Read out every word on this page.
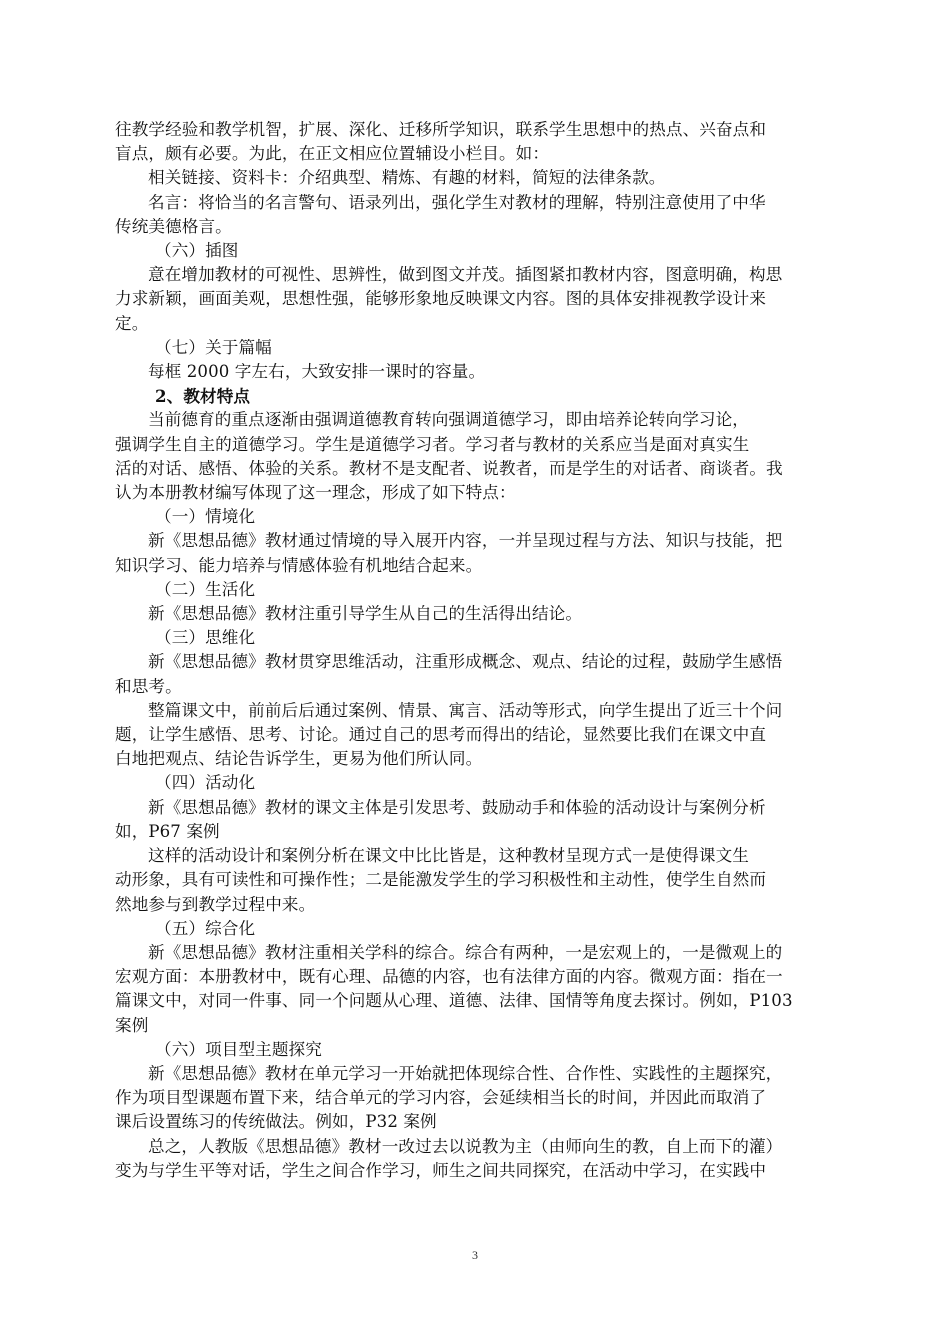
往教学经验和教学机智，扩展、深化、迁移所学知识，联系学生思想中的热点、兴奋点和
盲点，颇有必要。为此，在正文相应位置辅设小栏目。如：
相关链接、资料卡：介绍典型、精炼、有趣的材料，简短的法律条款。
名言：将恰当的名言警句、语录列出，强化学生对教材的理解，特别注意使用了中华
传统美德格言。
（六）插图
意在增加教材的可视性、思辨性，做到图文并茂。插图紧扣教材内容，图意明确，构思
力求新颖，画面美观，思想性强，能够形象地反映课文内容。图的具体安排视教学设计来
定。
（七）关于篇幅
每框 2000 字左右，大致安排一课时的容量。
2、教材特点
当前德育的重点逐渐由强调道德教育转向强调道德学习，即由培养论转向学习论，
强调学生自主的道德学习。学生是道德学习者。学习者与教材的关系应当是面对真实生
活的对话、感悟、体验的关系。教材不是支配者、说教者，而是学生的对话者、商谈者。我
认为本册教材编写体现了这一理念，形成了如下特点：
（一）情境化
新《思想品德》教材通过情境的导入展开内容，一并呈现过程与方法、知识与技能，把
知识学习、能力培养与情感体验有机地结合起来。
（二）生活化
新《思想品德》教材注重引导学生从自己的生活得出结论。
（三）思维化
新《思想品德》教材贯穿思维活动，注重形成概念、观点、结论的过程，鼓励学生感悟
和思考。
整篇课文中，前前后后通过案例、情景、寓言、活动等形式，向学生提出了近三十个问
题，让学生感悟、思考、讨论。通过自己的思考而得出的结论，显然要比我们在课文中直
白地把观点、结论告诉学生，更易为他们所认同。
（四）活动化
新《思想品德》教材的课文主体是引发思考、鼓励动手和体验的活动设计与案例分析
如，P67 案例
这样的活动设计和案例分析在课文中比比皆是，这种教材呈现方式一是使得课文生
动形象，具有可读性和可操作性；二是能激发学生的学习积极性和主动性，使学生自然而
然地参与到教学过程中来。
（五）综合化
新《思想品德》教材注重相关学科的综合。综合有两种，一是宏观上的，一是微观上的
宏观方面：本册教材中，既有心理、品德的内容，也有法律方面的内容。微观方面：指在一
篇课文中，对同一件事、同一个问题从心理、道德、法律、国情等角度去探讨。例如，P103
案例
（六）项目型主题探究
新《思想品德》教材在单元学习一开始就把体现综合性、合作性、实践性的主题探究，
作为项目型课题布置下来，结合单元的学习内容，会延续相当长的时间，并因此而取消了
课后设置练习的传统做法。例如，P32 案例
总之，人教版《思想品德》教材一改过去以说教为主（由师向生的教，自上而下的灌）
变为与学生平等对话，学生之间合作学习，师生之间共同探究，在活动中学习，在实践中
3
